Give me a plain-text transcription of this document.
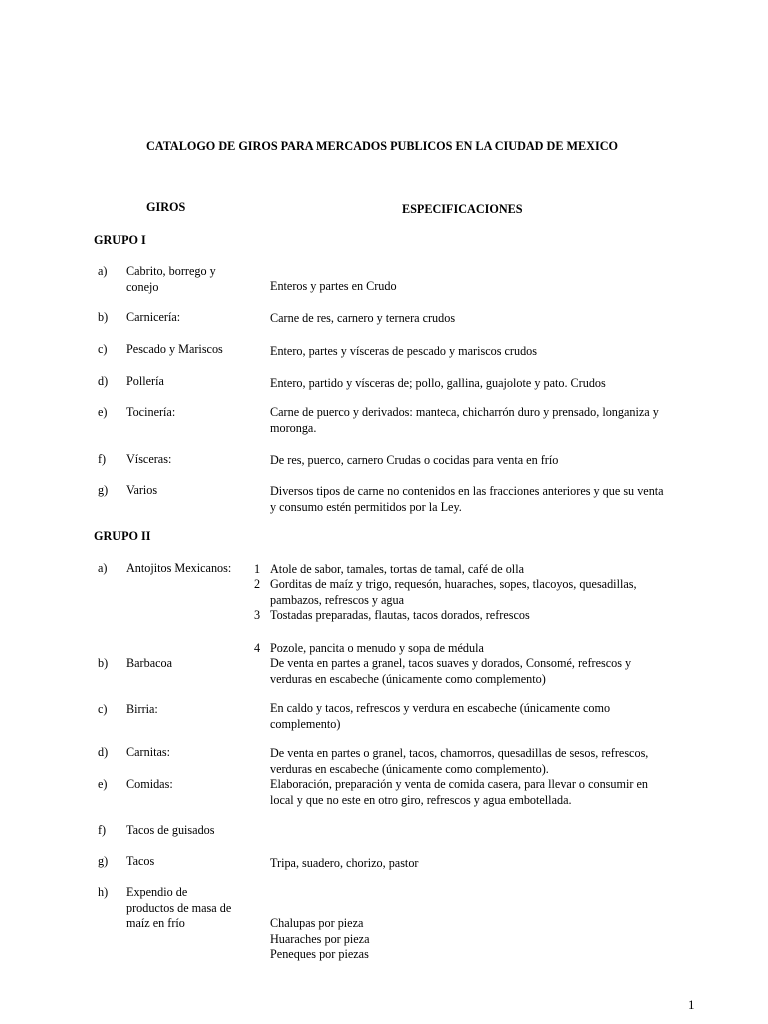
CATALOGO DE GIROS PARA MERCADOS PUBLICOS EN LA CIUDAD DE MEXICO
GIROS	ESPECIFICACIONES
GRUPO I
a) Cabrito, borrego y
conejo	Enteros y partes en Crudo
b) Carnicería:	Carne de res, carnero y ternera crudos
c) Pescado y Mariscos	Entero, partes y vísceras de pescado y mariscos crudos
d) Pollería	Entero, partido y vísceras de; pollo, gallina, guajolote y pato. Crudos
e) Tocinería:	Carne de puerco y derivados: manteca, chicharrón duro y prensado, longaniza y
moronga.
f) Vísceras:	De res, puerco, carnero Crudas o cocidas para venta en frío
g) Varios	Diversos tipos de carne no contenidos en las fracciones anteriores y que su venta
y consumo estén permitidos por la Ley.
GRUPO II
a) Antojitos Mexicanos: 1 Atole de sabor, tamales, tortas de tamal, café de olla
2 Gorditas de maíz y trigo, requesón, huaraches, sopes, tlacoyos, quesadillas,
pambazos, refrescos y agua
3 Tostadas preparadas, flautas, tacos dorados, refrescos
4 Pozole, pancita o menudo y sopa de médula
b) Barbacoa	De venta en partes a granel, tacos suaves y dorados, Consomé, refrescos y
verduras en escabeche (únicamente como complemento)
c) Birria:	En caldo y tacos, refrescos y verdura en escabeche (únicamente como
complemento)
d) Carnitas:	De venta en partes o granel, tacos, chamorros, quesadillas de sesos, refrescos,
verduras en escabeche (únicamente como complemento).
e) Comidas:	Elaboración, preparación y venta de comida casera, para llevar o consumir en
local y que no este en otro giro, refrescos y agua embotellada.
f) Tacos de guisados
g) Tacos	Tripa, suadero, chorizo, pastor
h) Expendio de
productos de masa de
maíz en frío	Chalupas por pieza
Huaraches por pieza
Peneques por piezas
1
